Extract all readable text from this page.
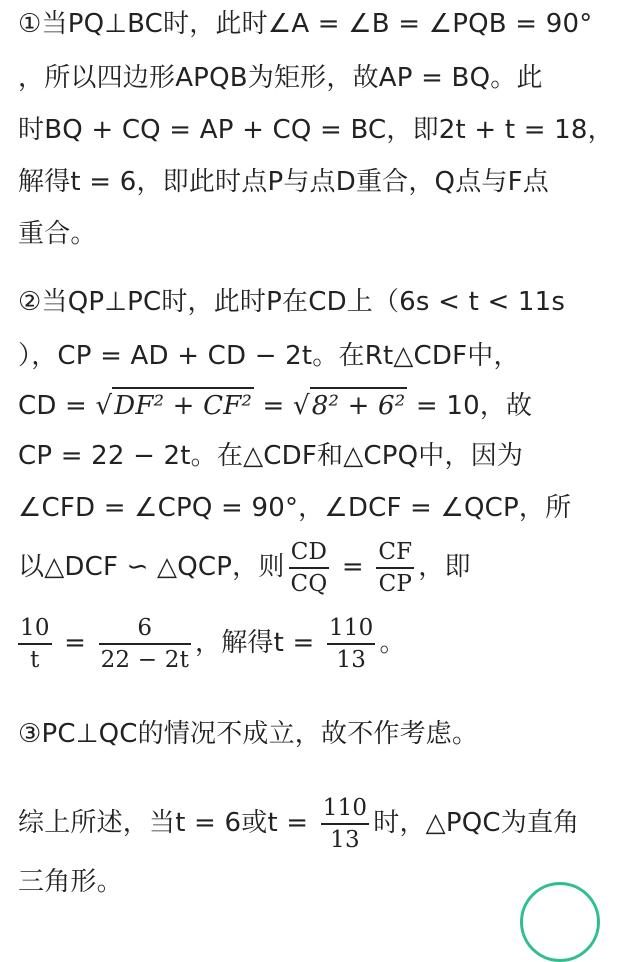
①当PQ⊥BC时，此时∠A = ∠B = ∠PQB = 90°
，所以四边形APQB为矩形，故AP = BQ。此
时BQ + CQ = AP + CQ = BC，即2t + t = 18，
解得t = 6，即此时点P与点D重合，Q点与F点
重合。
②当QP⊥PC时，此时P在CD上（6s < t < 11s
），CP = AD + CD − 2t。在Rt△CDF中，
CD = √DF² + CF² = √8² + 6² = 10，故
CP = 22 − 2t。在△CDF和△CPQ中，因为
∠CFD = ∠CPQ = 90°，∠DCF = ∠QCP，所
以△DCF ∽ △QCP，则 $\frac{CD}{CQ} = \frac{CF}{CP}$ ，即
$\frac{10}{t} = \frac{6}{22 - 2t}$ ，解得$t = \frac{110}{13}$ 。
③PC⊥QC的情况不成立，故不作考虑。
综上所述，当t = 6或$t = \frac{110}{13}$ 时，△PQC为直角
三角形。
